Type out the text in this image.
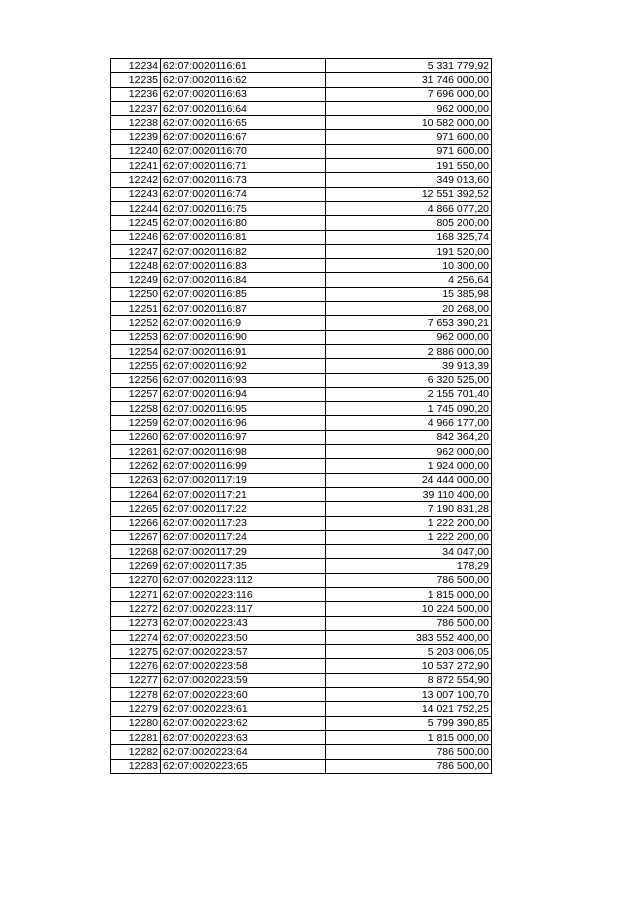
12234	62:07:0020116:61	5 331 779,92
12235	62:07:0020116:62	31 746 000,00
12236	62:07:0020116:63	7 696 000,00
12237	62:07:0020116:64	962 000,00
12238	62:07:0020116:65	10 582 000,00
12239	62:07:0020116:67	971 600,00
12240	62:07:0020116:70	971 600,00
12241	62:07:0020116:71	191 550,00
12242	62:07:0020116:73	349 013,60
12243	62:07:0020116:74	12 551 392,52
12244	62:07:0020116:75	4 866 077,20
12245	62:07:0020116:80	805 200,00
12246	62:07:0020116:81	168 325,74
12247	62:07:0020116:82	191 520,00
12248	62:07:0020116:83	10 300,00
12249	62:07:0020116:84	4 256,64
12250	62:07:0020116:85	15 385,98
12251	62:07:0020116:87	20 268,00
12252	62:07:0020116:9	7 653 390,21
12253	62:07:0020116:90	962 000,00
12254	62:07:0020116:91	2 886 000,00
12255	62:07:0020116:92	39 913,39
12256	62:07:0020116:93	6 320 525,00
12257	62:07:0020116:94	2 155 701,40
12258	62:07:0020116:95	1 745 090,20
12259	62:07:0020116:96	4 966 177,00
12260	62:07:0020116:97	842 364,20
12261	62:07:0020116:98	962 000,00
12262	62:07:0020116:99	1 924 000,00
12263	62:07:0020117:19	24 444 000,00
12264	62:07:0020117:21	39 110 400,00
12265	62:07:0020117:22	7 190 831,28
12266	62:07:0020117:23	1 222 200,00
12267	62:07:0020117:24	1 222 200,00
12268	62:07:0020117:29	34 047,00
12269	62:07:0020117:35	178,29
12270	62:07:0020223:112	786 500,00
12271	62:07:0020223:116	1 815 000,00
12272	62:07:0020223:117	10 224 500,00
12273	62:07:0020223:43	786 500,00
12274	62:07:0020223:50	383 552 400,00
12275	62:07:0020223:57	5 203 006,05
12276	62:07:0020223:58	10 537 272,90
12277	62:07:0020223:59	8 872 554,90
12278	62:07:0020223:60	13 007 100,70
12279	62:07:0020223:61	14 021 752,25
12280	62:07:0020223:62	5 799 390,85
12281	62:07:0020223:63	1 815 000,00
12282	62:07:0020223:64	786 500,00
12283	62:07:0020223:65	786 500,00
